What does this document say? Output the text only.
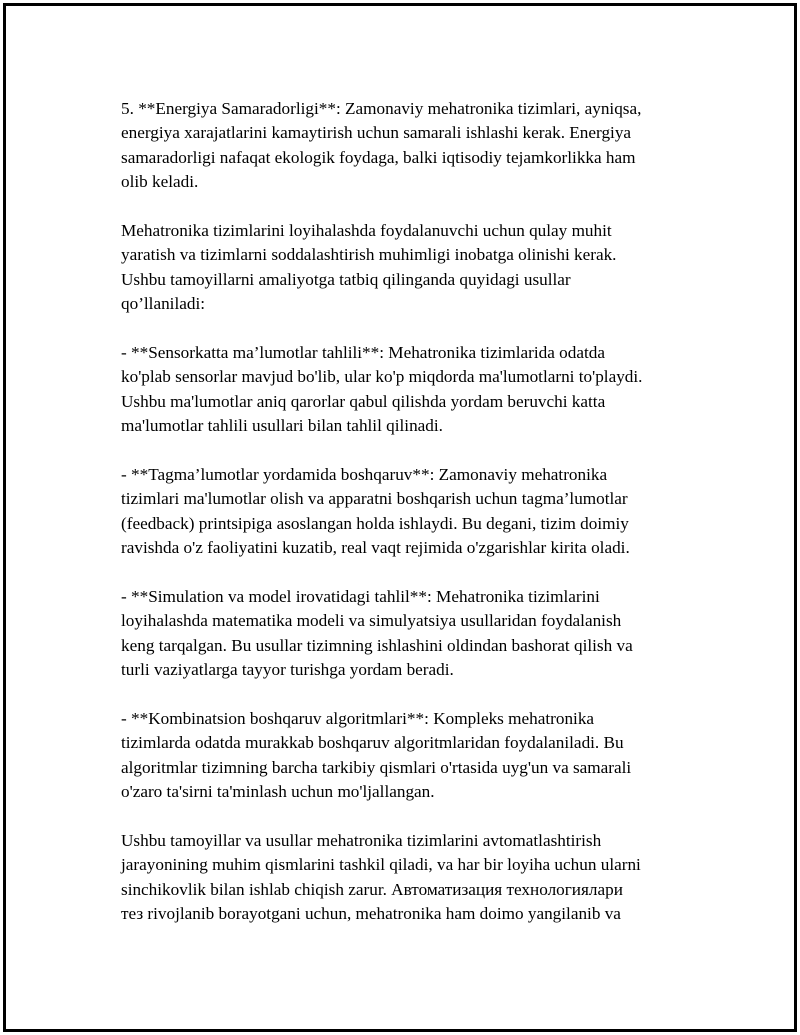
5. **Energiya Samaradorligi**: Zamonaviy mehatronika tizimlari, ayniqsa,
energiya xarajatlarini kamaytirish uchun samarali ishlashi kerak. Energiya
samaradorligi nafaqat ekologik foydaga, balki iqtisodiy tejamkorlikka ham
olib keladi.
Mehatronika tizimlarini loyihalashda foydalanuvchi uchun qulay muhit
yaratish va tizimlarni soddalashtirish muhimligi inobatga olinishi kerak.
Ushbu tamoyillarni amaliyotga tatbiq qilinganda quyidagi usullar
qo’llaniladi:
- **Sensorkatta ma’lumotlar tahlili**: Mehatronika tizimlarida odatda
ko'plab sensorlar mavjud bo'lib, ular ko'p miqdorda ma'lumotlarni to'playdi.
Ushbu ma'lumotlar aniq qarorlar qabul qilishda yordam beruvchi katta
ma'lumotlar tahlili usullari bilan tahlil qilinadi.
- **Tagma’lumotlar yordamida boshqaruv**: Zamonaviy mehatronika
tizimlari ma'lumotlar olish va apparatni boshqarish uchun tagma’lumotlar
(feedback) printsipiga asoslangan holda ishlaydi. Bu degani, tizim doimiy
ravishda o'z faoliyatini kuzatib, real vaqt rejimida o'zgarishlar kirita oladi.
- **Simulation va model irovatidagi tahlil**: Mehatronika tizimlarini
loyihalashda matematika modeli va simulyatsiya usullaridan foydalanish
keng tarqalgan. Bu usullar tizimning ishlashini oldindan bashorat qilish va
turli vaziyatlarga tayyor turishga yordam beradi.
- **Kombinatsion boshqaruv algoritmlari**: Kompleks mehatronika
tizimlarda odatda murakkab boshqaruv algoritmlaridan foydalaniladi. Bu
algoritmlar tizimning barcha tarkibiy qismlari o'rtasida uyg'un va samarali
o'zaro ta'sirni ta'minlash uchun mo'ljallangan.
Ushbu tamoyillar va usullar mehatronika tizimlarini avtomatlashtirish
jarayonining muhim qismlarini tashkil qiladi, va har bir loyiha uchun ularni
sinchikovlik bilan ishlab chiqish zarur. Автоматизация технологиялари
тез rivojlanib borayotgani uchun, mehatronika ham doimo yangilanib va
